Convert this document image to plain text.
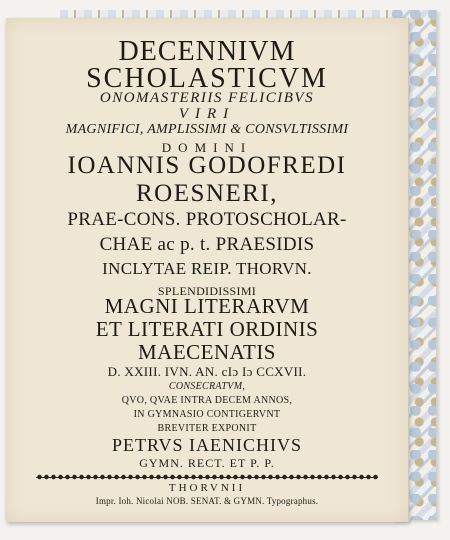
DECENNIVM
SCHOLASTICVM
ONOMASTERIIS FELICIBVS
VIRI
MAGNIFICI, AMPLISSIMI & CONSVLTISSIMI
DOMINI
IOANNIS GODOFREDI
ROESNERI,
PRAE-CONS. PROTOSCHOLAR-
CHAE ac p. t. PRAESIDIS
INCLYTAE REIP. THORVN.
SPLENDIDISSIMI
MAGNI LITERARVM
ET LITERATI ORDINIS
MAECENATIS
D. XXIII. IVN. AN. cIɔ Iɔ CCXVII.
CONSECRATVM,
QVO, QVAE INTRA DECEM ANNOS,
IN GYMNASIO CONTIGERVNT
BREVITER EXPONIT
PETRVS IAENICHIVS
GYMN. RECT. ET P. P.
THORVNII
Impr. Ioh. Nicolai NOB. SENAT. & GYMN. Typographus.
